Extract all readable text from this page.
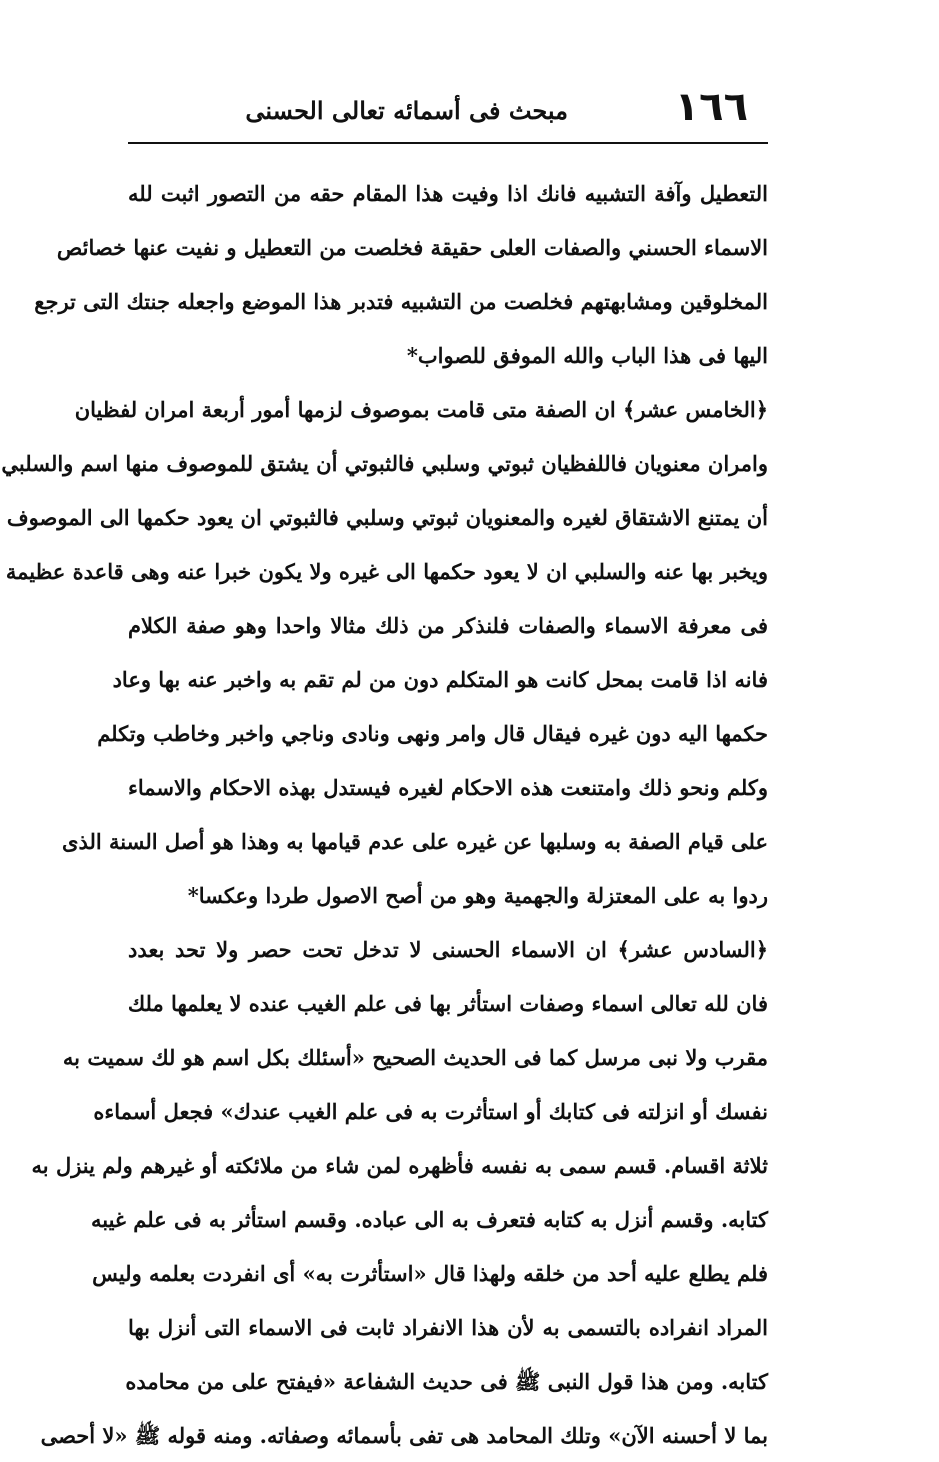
١٦٦
مبحث فى أسمائه تعالى الحسنى
التعطيل وآفة التشبيه فانك اذا وفيت هذا المقام حقه من التصور اثبت لله
الاسماء الحسني والصفات العلى حقيقة فخلصت من التعطيل و نفيت عنها خصائص
المخلوقين ومشابهتهم فخلصت من التشبيه فتدبر هذا الموضع واجعله جنتك التى ترجع
اليها فى هذا الباب والله الموفق للصواب*
﴿الخامس عشر﴾ ان الصفة متى قامت بموصوف لزمها أمور أربعة امران لفظيان
وامران معنويان فاللفظيان ثبوتي وسلبي فالثبوتي أن يشتق للموصوف منها اسم والسلبي
أن يمتنع الاشتقاق لغيره والمعنويان ثبوتي وسلبي فالثبوتي ان يعود حكمها الى الموصوف
ويخبر بها عنه والسلبي ان لا يعود حكمها الى غيره ولا يكون خبرا عنه وهى قاعدة عظيمة
فى معرفة الاسماء والصفات فلنذكر من ذلك مثالا واحدا وهو صفة الكلام
فانه اذا قامت بمحل كانت هو المتكلم دون من لم تقم به واخبر عنه بها وعاد
حكمها اليه دون غيره فيقال قال وامر ونهى ونادى وناجي واخبر وخاطب وتكلم
وكلم ونحو ذلك وامتنعت هذه الاحكام لغيره فيستدل بهذه الاحكام والاسماء
على قيام الصفة به وسلبها عن غيره على عدم قيامها به وهذا هو أصل السنة الذى
ردوا به على المعتزلة والجهمية وهو من أصح الاصول طردا وعكسا*
﴿السادس عشر﴾ ان الاسماء الحسنى لا تدخل تحت حصر ولا تحد بعدد
فان لله تعالى اسماء وصفات استأثر بها فى علم الغيب عنده لا يعلمها ملك
مقرب ولا نبى مرسل كما فى الحديث الصحيح «أسئلك بكل اسم هو لك سميت به
نفسك أو انزلته فى كتابك أو استأثرت به فى علم الغيب عندك» فجعل أسماءه
ثلاثة اقسام. قسم سمى به نفسه فأظهره لمن شاء من ملائكته أو غيرهم ولم ينزل به
كتابه. وقسم أنزل به كتابه فتعرف به الى عباده. وقسم استأثر به فى علم غيبه
فلم يطلع عليه أحد من خلقه ولهذا قال «استأثرت به» أى انفردت بعلمه وليس
المراد انفراده بالتسمى به لأن هذا الانفراد ثابت فى الاسماء التى أنزل بها
كتابه. ومن هذا قول النبى ﷺ فى حديث الشفاعة «فيفتح على من محامده
بما لا أحسنه الآن» وتلك المحامد هى تفى بأسمائه وصفاته. ومنه قوله ﷺ «لا أحصى
